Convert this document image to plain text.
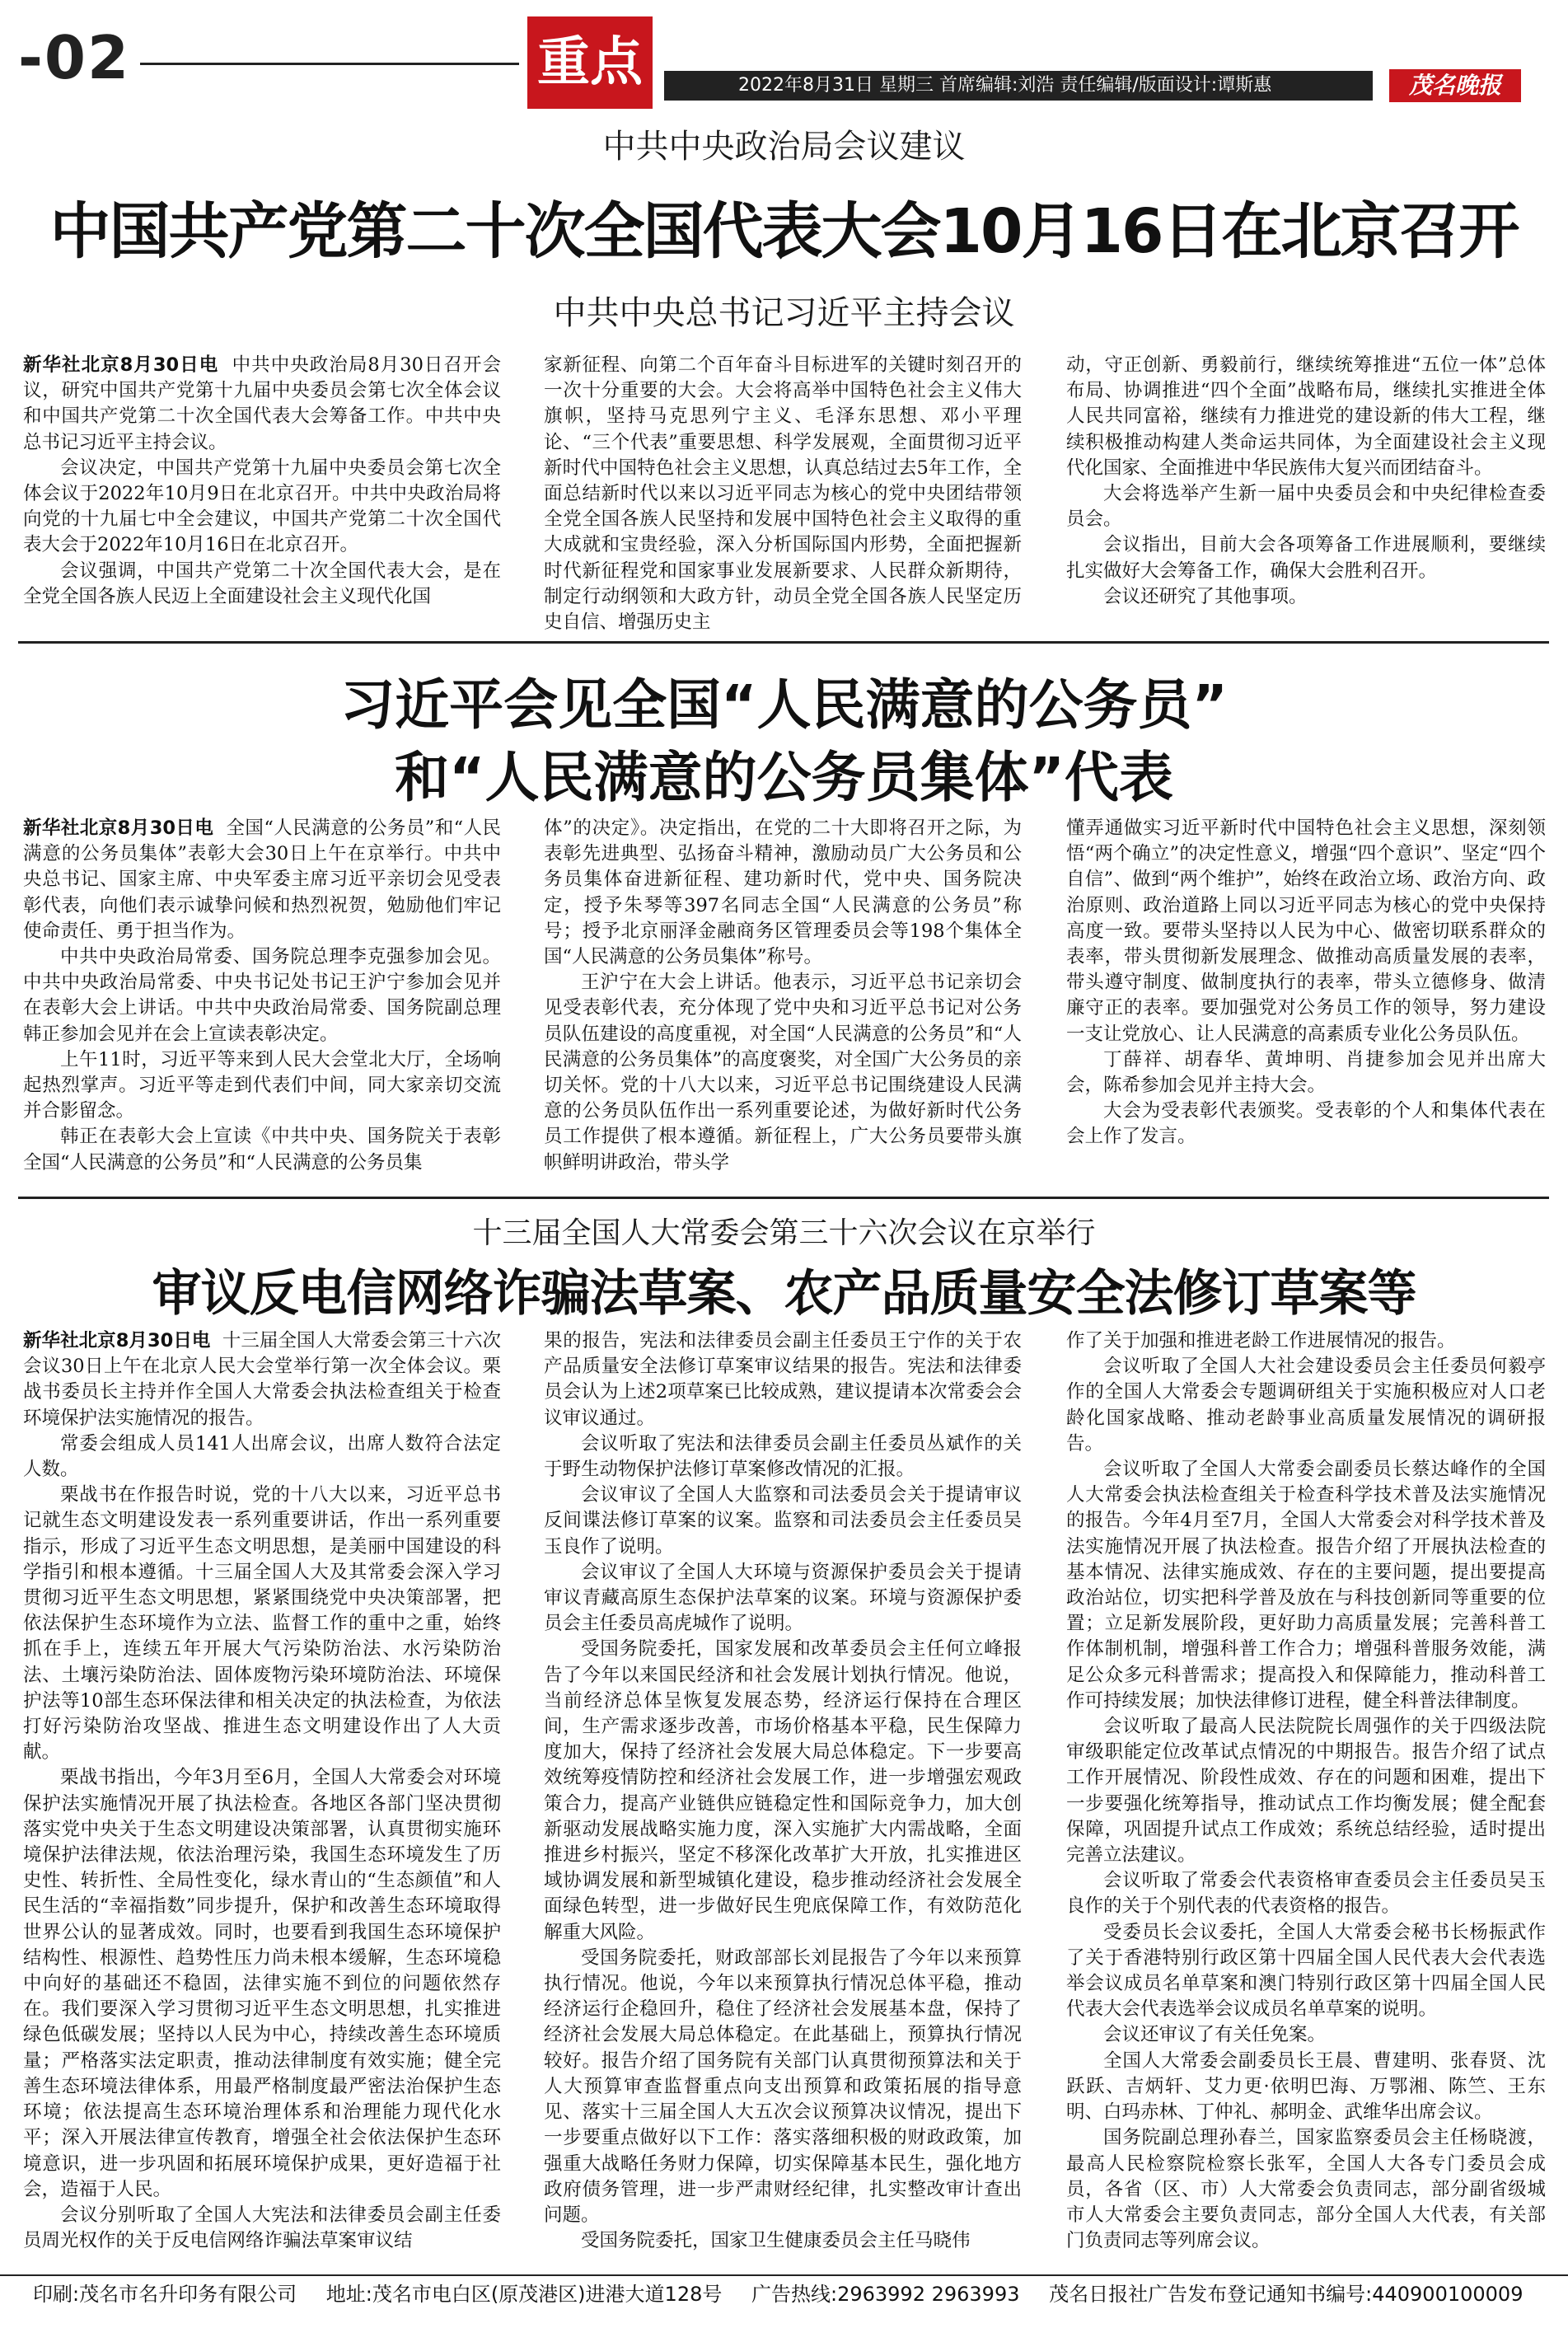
-02	重点	2022年8月31日 星期三 首席编辑:刘浩 责任编辑/版面设计:谭斯惠	茂名晚报
中共中央政治局会议建议
中国共产党第二十次全国代表大会10月16日在北京召开
中共中央总书记习近平主持会议

新华社北京8月30日电 中共中央政治局8月30日召开会议，研究中国共产党第十九届中央委员会第七次全体会议和中国共产党第二十次全国代表大会筹备工作。中共中央总书记习近平主持会议。

会议决定，中国共产党第十九届中央委员会第七次全体会议于2022年10月9日在北京召开。中共中央政治局将向党的十九届七中全会建议，中国共产党第二十次全国代表大会于2022年10月16日在北京召开。

会议强调，中国共产党第二十次全国代表大会，是在全党全国各族人民迈上全面建设社会主义现代化国

家新征程、向第二个百年奋斗目标进军的关键时刻召开的一次十分重要的大会。大会将高举中国特色社会主义伟大旗帜，坚持马克思列宁主义、毛泽东思想、邓小平理论、“三个代表”重要思想、科学发展观，全面贯彻习近平新时代中国特色社会主义思想，认真总结过去5年工作，全面总结新时代以来以习近平同志为核心的党中央团结带领全党全国各族人民坚持和发展中国特色社会主义取得的重大成就和宝贵经验，深入分析国际国内形势，全面把握新时代新征程党和国家事业发展新要求、人民群众新期待，制定行动纲领和大政方针，动员全党全国各族人民坚定历史自信、增强历史主

动，守正创新、勇毅前行，继续统筹推进“五位一体”总体布局、协调推进“四个全面”战略布局，继续扎实推进全体人民共同富裕，继续有力推进党的建设新的伟大工程，继续积极推动构建人类命运共同体，为全面建设社会主义现代化国家、全面推进中华民族伟大复兴而团结奋斗。

大会将选举产生新一届中央委员会和中央纪律检查委员会。

会议指出，目前大会各项筹备工作进展顺利，要继续扎实做好大会筹备工作，确保大会胜利召开。

会议还研究了其他事项。

习近平会见全国“人民满意的公务员”
和“人民满意的公务员集体”代表

新华社北京8月30日电 全国“人民满意的公务员”和“人民满意的公务员集体”表彰大会30日上午在京举行。中共中央总书记、国家主席、中央军委主席习近平亲切会见受表彰代表，向他们表示诚挚问候和热烈祝贺，勉励他们牢记使命责任、勇于担当作为。

中共中央政治局常委、国务院总理李克强参加会见。中共中央政治局常委、中央书记处书记王沪宁参加会见并在表彰大会上讲话。中共中央政治局常委、国务院副总理韩正参加会见并在会上宣读表彰决定。

上午11时，习近平等来到人民大会堂北大厅，全场响起热烈掌声。习近平等走到代表们中间，同大家亲切交流并合影留念。

韩正在表彰大会上宣读《中共中央、国务院关于表彰全国“人民满意的公务员”和“人民满意的公务员集

体”的决定》。决定指出，在党的二十大即将召开之际，为表彰先进典型、弘扬奋斗精神，激励动员广大公务员和公务员集体奋进新征程、建功新时代，党中央、国务院决定，授予朱琴等397名同志全国“人民满意的公务员”称号；授予北京丽泽金融商务区管理委员会等198个集体全国“人民满意的公务员集体”称号。

王沪宁在大会上讲话。他表示，习近平总书记亲切会见受表彰代表，充分体现了党中央和习近平总书记对公务员队伍建设的高度重视，对全国“人民满意的公务员”和“人民满意的公务员集体”的高度褒奖，对全国广大公务员的亲切关怀。党的十八大以来，习近平总书记围绕建设人民满意的公务员队伍作出一系列重要论述，为做好新时代公务员工作提供了根本遵循。新征程上，广大公务员要带头旗帜鲜明讲政治，带头学

懂弄通做实习近平新时代中国特色社会主义思想，深刻领悟“两个确立”的决定性意义，增强“四个意识”、坚定“四个自信”、做到“两个维护”，始终在政治立场、政治方向、政治原则、政治道路上同以习近平同志为核心的党中央保持高度一致。要带头坚持以人民为中心、做密切联系群众的表率，带头贯彻新发展理念、做推动高质量发展的表率，带头遵守制度、做制度执行的表率，带头立德修身、做清廉守正的表率。要加强党对公务员工作的领导，努力建设一支让党放心、让人民满意的高素质专业化公务员队伍。

丁薛祥、胡春华、黄坤明、肖捷参加会见并出席大会，陈希参加会见并主持大会。

大会为受表彰代表颁奖。受表彰的个人和集体代表在会上作了发言。

十三届全国人大常委会第三十六次会议在京举行
审议反电信网络诈骗法草案、农产品质量安全法修订草案等

新华社北京8月30日电 十三届全国人大常委会第三十六次会议30日上午在北京人民大会堂举行第一次全体会议。栗战书委员长主持并作全国人大常委会执法检查组关于检查环境保护法实施情况的报告。

常委会组成人员141人出席会议，出席人数符合法定人数。

栗战书在作报告时说，党的十八大以来，习近平总书记就生态文明建设发表一系列重要讲话，作出一系列重要指示，形成了习近平生态文明思想，是美丽中国建设的科学指引和根本遵循。十三届全国人大及其常委会深入学习贯彻习近平生态文明思想，紧紧围绕党中央决策部署，把依法保护生态环境作为立法、监督工作的重中之重，始终抓在手上，连续五年开展大气污染防治法、水污染防治法、土壤污染防治法、固体废物污染环境防治法、环境保护法等10部生态环保法律和相关决定的执法检查，为依法打好污染防治攻坚战、推进生态文明建设作出了人大贡献。

栗战书指出，今年3月至6月，全国人大常委会对环境保护法实施情况开展了执法检查。各地区各部门坚决贯彻落实党中央关于生态文明建设决策部署，认真贯彻实施环境保护法律法规，依法治理污染，我国生态环境发生了历史性、转折性、全局性变化，绿水青山的“生态颜值”和人民生活的“幸福指数”同步提升，保护和改善生态环境取得世界公认的显著成效。同时，也要看到我国生态环境保护结构性、根源性、趋势性压力尚未根本缓解，生态环境稳中向好的基础还不稳固，法律实施不到位的问题依然存在。我们要深入学习贯彻习近平生态文明思想，扎实推进绿色低碳发展；坚持以人民为中心，持续改善生态环境质量；严格落实法定职责，推动法律制度有效实施；健全完善生态环境法律体系，用最严格制度最严密法治保护生态环境；依法提高生态环境治理体系和治理能力现代化水平；深入开展法律宣传教育，增强全社会依法保护生态环境意识，进一步巩固和拓展环境保护成果，更好造福于社会，造福于人民。

会议分别听取了全国人大宪法和法律委员会副主任委员周光权作的关于反电信网络诈骗法草案审议结

果的报告，宪法和法律委员会副主任委员王宁作的关于农产品质量安全法修订草案审议结果的报告。宪法和法律委员会认为上述2项草案已比较成熟，建议提请本次常委会会议审议通过。

会议听取了宪法和法律委员会副主任委员丛斌作的关于野生动物保护法修订草案修改情况的汇报。

会议审议了全国人大监察和司法委员会关于提请审议反间谍法修订草案的议案。监察和司法委员会主任委员吴玉良作了说明。

会议审议了全国人大环境与资源保护委员会关于提请审议青藏高原生态保护法草案的议案。环境与资源保护委员会主任委员高虎城作了说明。

受国务院委托，国家发展和改革委员会主任何立峰报告了今年以来国民经济和社会发展计划执行情况。他说，当前经济总体呈恢复发展态势，经济运行保持在合理区间，生产需求逐步改善，市场价格基本平稳，民生保障力度加大，保持了经济社会发展大局总体稳定。下一步要高效统筹疫情防控和经济社会发展工作，进一步增强宏观政策合力，提高产业链供应链稳定性和国际竞争力，加大创新驱动发展战略实施力度，深入实施扩大内需战略，全面推进乡村振兴，坚定不移深化改革扩大开放，扎实推进区域协调发展和新型城镇化建设，稳步推动经济社会发展全面绿色转型，进一步做好民生兜底保障工作，有效防范化解重大风险。

受国务院委托，财政部部长刘昆报告了今年以来预算执行情况。他说，今年以来预算执行情况总体平稳，推动经济运行企稳回升，稳住了经济社会发展基本盘，保持了经济社会发展大局总体稳定。在此基础上，预算执行情况较好。报告介绍了国务院有关部门认真贯彻预算法和关于人大预算审查监督重点向支出预算和政策拓展的指导意见、落实十三届全国人大五次会议预算决议情况，提出下一步要重点做好以下工作：落实落细积极的财政政策，加强重大战略任务财力保障，切实保障基本民生，强化地方政府债务管理，进一步严肃财经纪律，扎实整改审计查出问题。

受国务院委托，国家卫生健康委员会主任马晓伟

作了关于加强和推进老龄工作进展情况的报告。

会议听取了全国人大社会建设委员会主任委员何毅亭作的全国人大常委会专题调研组关于实施积极应对人口老龄化国家战略、推动老龄事业高质量发展情况的调研报告。

会议听取了全国人大常委会副委员长蔡达峰作的全国人大常委会执法检查组关于检查科学技术普及法实施情况的报告。今年4月至7月，全国人大常委会对科学技术普及法实施情况开展了执法检查。报告介绍了开展执法检查的基本情况、法律实施成效、存在的主要问题，提出要提高政治站位，切实把科学普及放在与科技创新同等重要的位置；立足新发展阶段，更好助力高质量发展；完善科普工作体制机制，增强科普工作合力；增强科普服务效能，满足公众多元科普需求；提高投入和保障能力，推动科普工作可持续发展；加快法律修订进程，健全科普法律制度。

会议听取了最高人民法院院长周强作的关于四级法院审级职能定位改革试点情况的中期报告。报告介绍了试点工作开展情况、阶段性成效、存在的问题和困难，提出下一步要强化统筹指导，推动试点工作均衡发展；健全配套保障，巩固提升试点工作成效；系统总结经验，适时提出完善立法建议。

会议听取了常委会代表资格审查委员会主任委员吴玉良作的关于个别代表的代表资格的报告。

受委员长会议委托，全国人大常委会秘书长杨振武作了关于香港特别行政区第十四届全国人民代表大会代表选举会议成员名单草案和澳门特别行政区第十四届全国人民代表大会代表选举会议成员名单草案的说明。

会议还审议了有关任免案。

全国人大常委会副委员长王晨、曹建明、张春贤、沈跃跃、吉炳轩、艾力更·依明巴海、万鄂湘、陈竺、王东明、白玛赤林、丁仲礼、郝明金、武维华出席会议。

国务院副总理孙春兰，国家监察委员会主任杨晓渡，最高人民检察院检察长张军，全国人大各专门委员会成员，各省（区、市）人大常委会负责同志，部分副省级城市人大常委会主要负责同志，部分全国人大代表，有关部门负责同志等列席会议。

印刷:茂名市名升印务有限公司 地址:茂名市电白区(原茂港区)进港大道128号 广告热线:2963992 2963993 茂名日报社广告发布登记通知书编号:440900100009
